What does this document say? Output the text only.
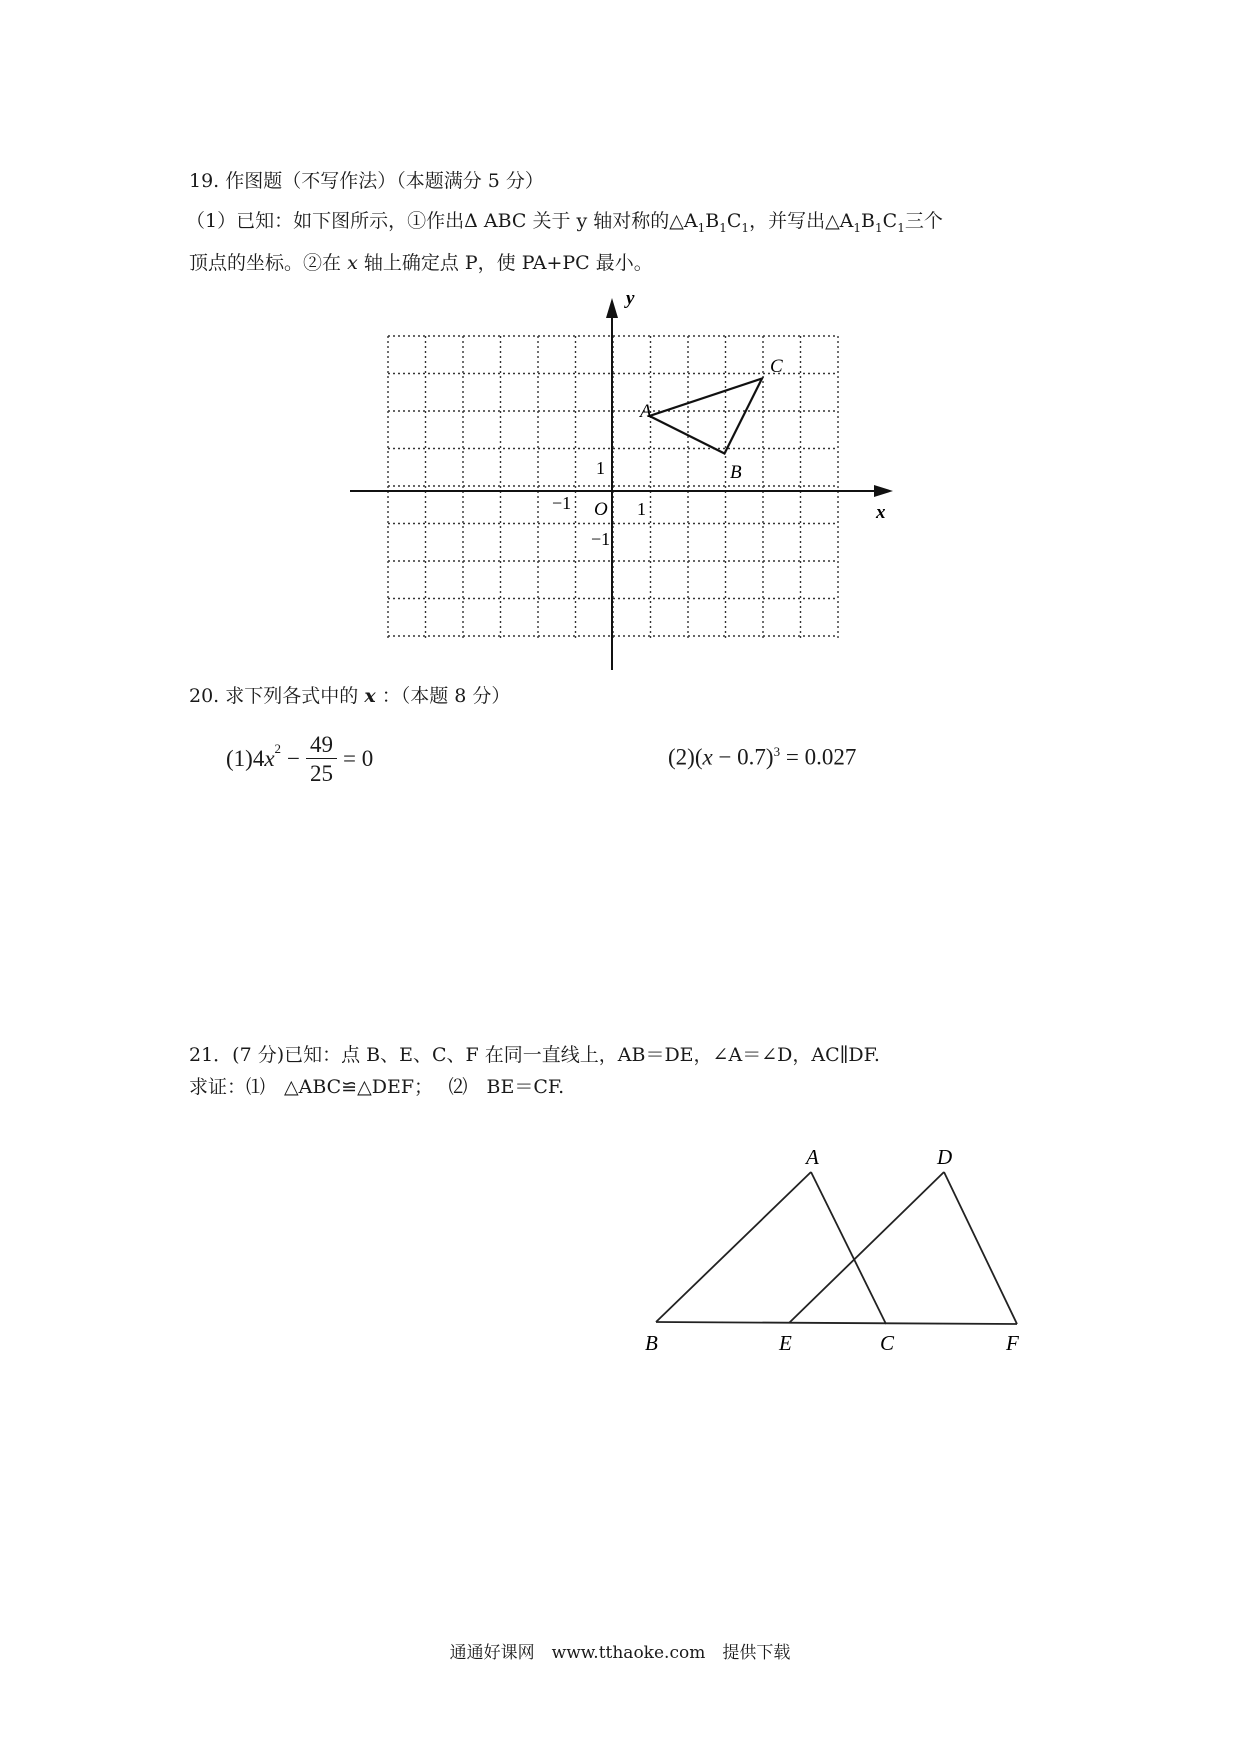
19. 作图题（不写作法）（本题满分 5 分）
（1）已知：如下图所示，①作出Δ ABC 关于 y 轴对称的$\triangle A_1B_1C_1$，并写出$\triangle A_1B_1C_1$三个
顶点的坐标。②在 x 轴上确定点 P，使 PA+PC 最小。
y
x
O 1
−1
1
−1
A
B
C
20. 求下列各式中的 x ：（本题 8 分）
(1)4 $x^2 - \frac{49}{25} = 0$	$(2)(x - 0.7)^3 = 0.027$
21．(7 分)已知：点 B、E、C、F 在同一直线上，AB＝DE，∠A＝∠D，AC∥DF.
求证：⑴　△ABC≌△DEF；　 ⑵　BE＝CF.
A	D
B	E	C	F
通通好课网　www.tthaoke.com　提供下载
